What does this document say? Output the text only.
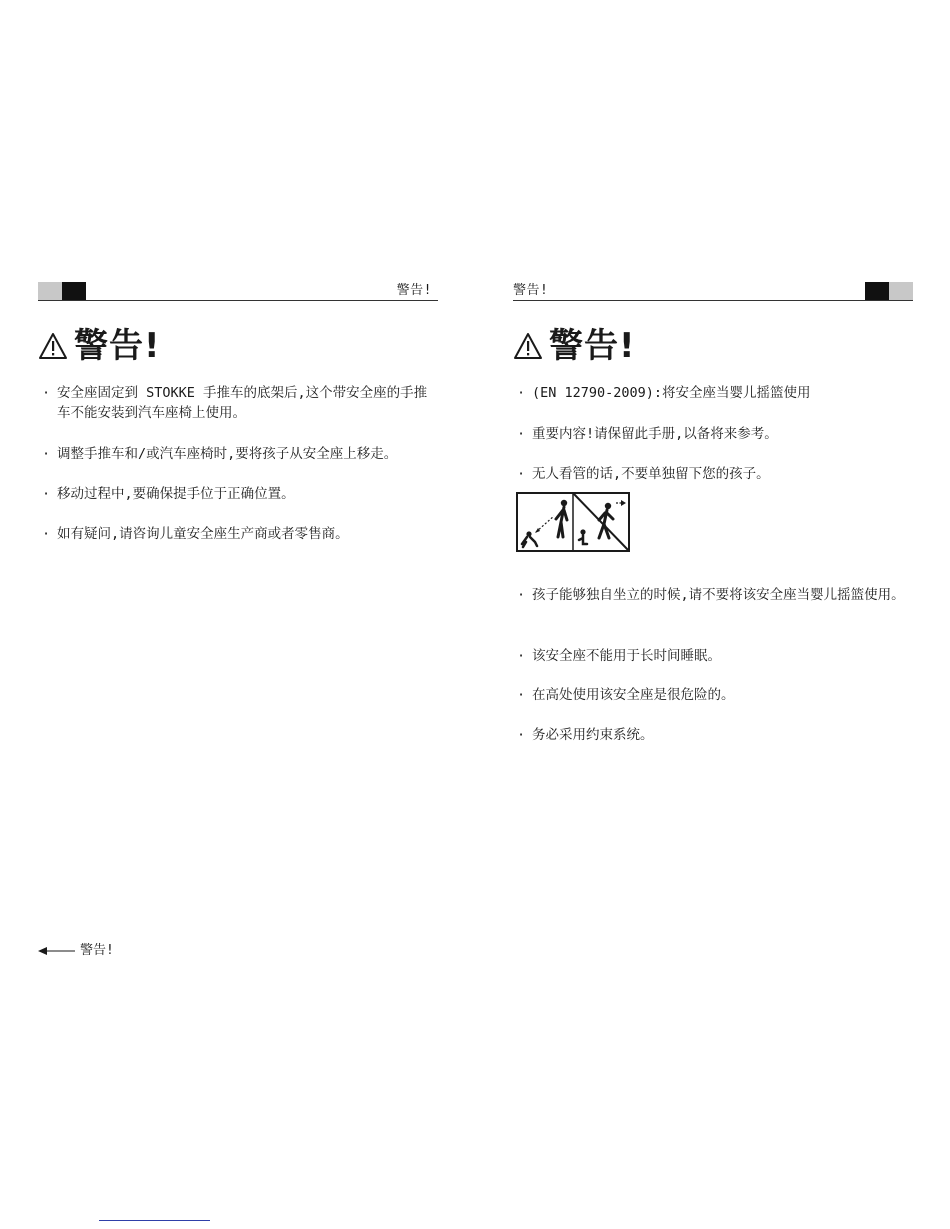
警告!
警告!
· 安全座固定到 STOKKE 手推车的底架后,这个带安全座的手推车不能安装到汽车座椅上使用。
· 调整手推车和/或汽车座椅时,要将孩子从安全座上移走。
· 移动过程中,要确保提手位于正确位置。
· 如有疑问,请咨询儿童安全座生产商或者零售商。
警告!
警告!
警告!
· (EN 12790-2009):将安全座当婴儿摇篮使用
· 重要内容!请保留此手册,以备将来参考。
· 无人看管的话,不要单独留下您的孩子。
· 孩子能够独自坐立的时候,请不要将该安全座当婴儿摇篮使用。
· 该安全座不能用于长时间睡眠。
· 在高处使用该安全座是很危险的。
· 务必采用约束系统。
